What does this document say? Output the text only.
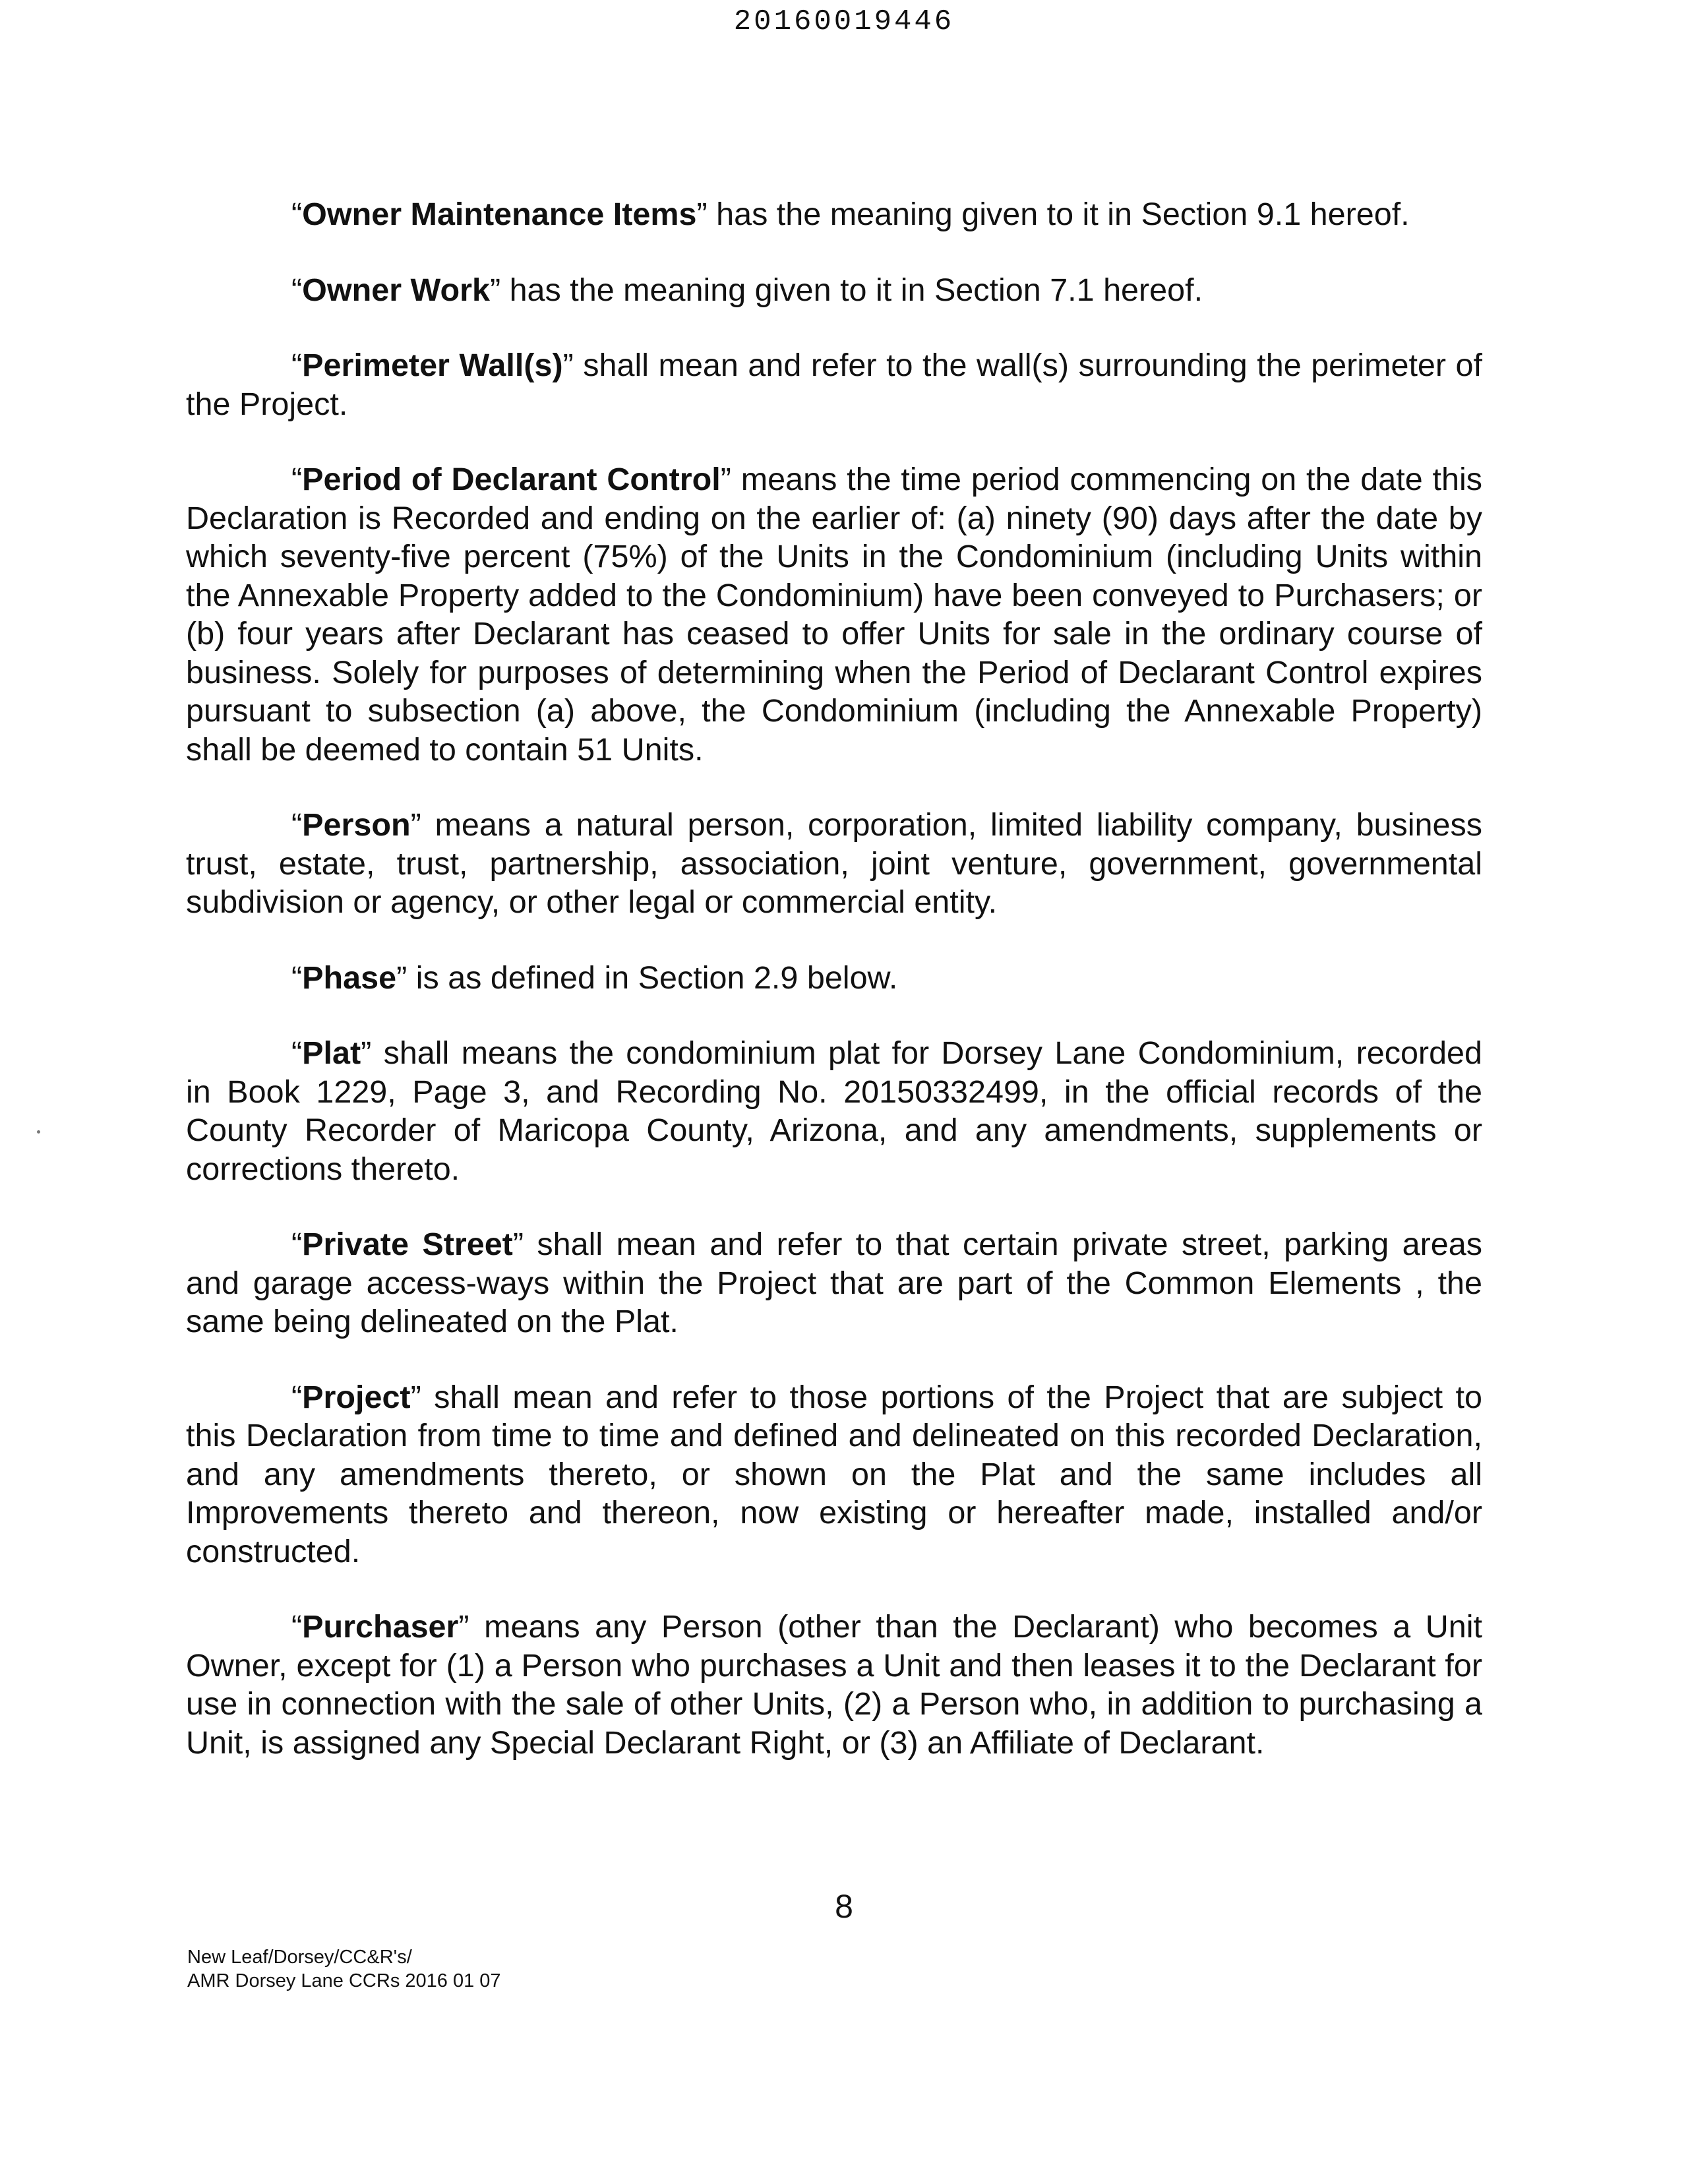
20160019446

“Owner Maintenance Items” has the meaning given to it in Section 9.1 hereof.

“Owner Work” has the meaning given to it in Section 7.1 hereof.

“Perimeter Wall(s)” shall mean and refer to the wall(s) surrounding the perimeter of the Project.

“Period of Declarant Control” means the time period commencing on the date this Declaration is Recorded and ending on the earlier of: (a) ninety (90) days after the date by which seventy-five percent (75%) of the Units in the Condominium (including Units within the Annexable Property added to the Condominium) have been conveyed to Purchasers; or (b) four years after Declarant has ceased to offer Units for sale in the ordinary course of business. Solely for purposes of determining when the Period of Declarant Control expires pursuant to subsection (a) above, the Condominium (including the Annexable Property) shall be deemed to contain 51 Units.

“Person” means a natural person, corporation, limited liability company, business trust, estate, trust, partnership, association, joint venture, government, governmental subdivision or agency, or other legal or commercial entity.

“Phase” is as defined in Section 2.9 below.

“Plat” shall means the condominium plat for Dorsey Lane Condominium, recorded in Book 1229, Page 3, and Recording No. 20150332499, in the official records of the County Recorder of Maricopa County, Arizona, and any amendments, supplements or corrections thereto.

“Private Street” shall mean and refer to that certain private street, parking areas and garage access-ways within the Project that are part of the Common Elements , the same being delineated on the Plat.

“Project” shall mean and refer to those portions of the Project that are subject to this Declaration from time to time and defined and delineated on this recorded Declaration, and any amendments thereto, or shown on the Plat and the same includes all Improvements thereto and thereon, now existing or hereafter made, installed and/or constructed.

“Purchaser” means any Person (other than the Declarant) who becomes a Unit Owner, except for (1) a Person who purchases a Unit and then leases it to the Declarant for use in connection with the sale of other Units, (2) a Person who, in addition to purchasing a Unit, is assigned any Special Declarant Right, or (3) an Affiliate of Declarant.

8
New Leaf/Dorsey/CC&R's/
AMR Dorsey Lane CCRs 2016 01 07
